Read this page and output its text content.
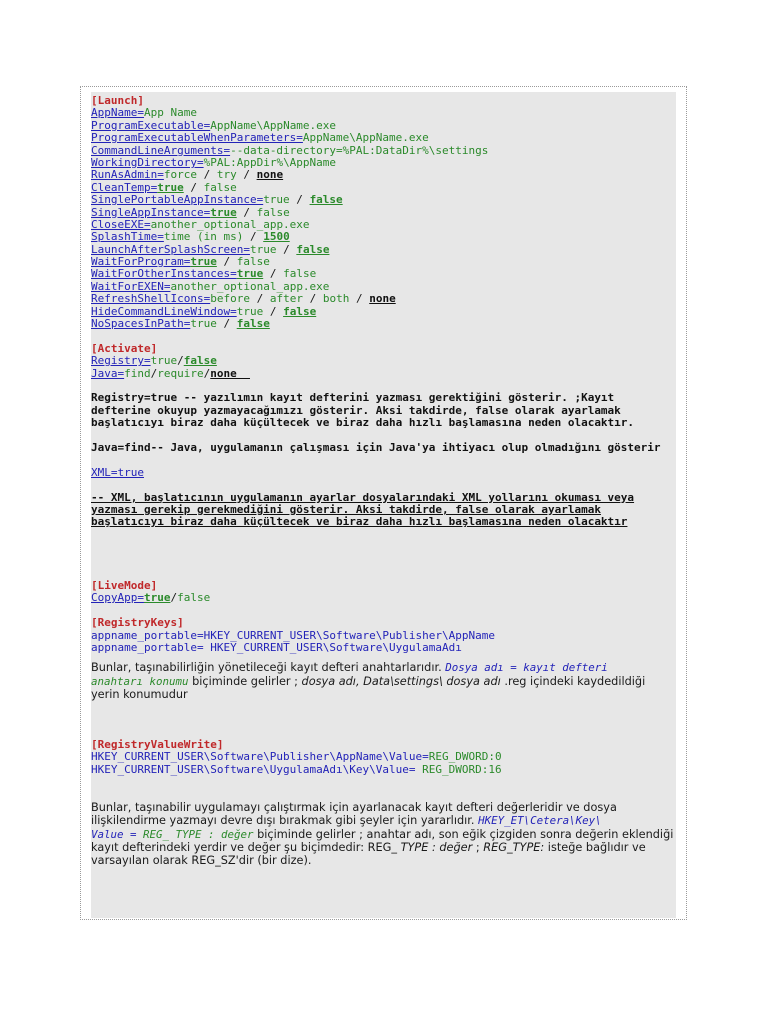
[Launch]
AppName=App Name
ProgramExecutable=AppName\AppName.exe
ProgramExecutableWhenParameters=AppName\AppName.exe
CommandLineArguments=--data-directory=%PAL:DataDir%\settings
WorkingDirectory=%PAL:AppDir%\AppName
RunAsAdmin=force / try / none
CleanTemp=true / false
SinglePortableAppInstance=true / false
SingleAppInstance=true / false
CloseEXE=another_optional_app.exe
SplashTime=time (in ms) / 1500
LaunchAfterSplashScreen=true / false
WaitForProgram=true / false
WaitForOtherInstances=true / false
WaitForEXEN=another_optional_app.exe
RefreshShellIcons=before / after / both / none
HideCommandLineWindow=true / false
NoSpacesInPath=true / false
[Activate]
Registry=true/false
Java=find/require/none
Registry=true -- yazılımın kayıt defterini yazması gerektiğini gösterir. ;Kayıt defterine okuyup yazmayacağımızı gösterir. Aksi takdirde, false olarak ayarlamak başlatıcıyı biraz daha küçültecek ve biraz daha hızlı başlamasına neden olacaktır.
Java=find-- Java, uygulamanın çalışması için Java'ya ihtiyacı olup olmadığını gösterir
XML=true
-- XML, başlatıcının uygulamanın ayarlar dosyalarındaki XML yollarını okuması veya yazması gerekip gerekmediğini gösterir. Aksi takdirde, false olarak ayarlamak başlatıcıyı biraz daha küçültecek ve biraz daha hızlı başlamasına neden olacaktır
[LiveMode]
CopyApp=true/false
[RegistryKeys]
appname_portable=HKEY_CURRENT_USER\Software\Publisher\AppName
appname_portable= HKEY_CURRENT_USER\Software\UygulamaAdı

Bunlar, taşınabilirliğin yönetileceği kayıt defteri anahtarlarıdır. Dosya adı = kayıt defteri
anahtarı konumu biçiminde gelirler ; dosya adı, Data\settings\ dosya adı .reg içindeki kaydedildiği yerin konumudur

[RegistryValueWrite]
HKEY_CURRENT_USER\Software\Publisher\AppName\Value=REG_DWORD:0
HKEY_CURRENT_USER\Software\UygulamaAdı\Key\Value= REG_DWORD:16

Bunlar, taşınabilir uygulamayı çalıştırmak için ayarlanacak kayıt defteri değerleridir ve dosya ilişkilendirme yazmayı devre dışı bırakmak gibi şeyler için yararlıdır. HKEY_ET\Cetera\Key\
Value = REG_ TYPE : değer biçiminde gelirler ; anahtar adı, son eğik çizgiden sonra değerin eklendiği kayıt defterindeki yerdir ve değer şu biçimdedir: REG_ TYPE : değer ; REG_TYPE: isteğe bağlıdır ve varsayılan olarak REG_SZ'dir (bir dize).
